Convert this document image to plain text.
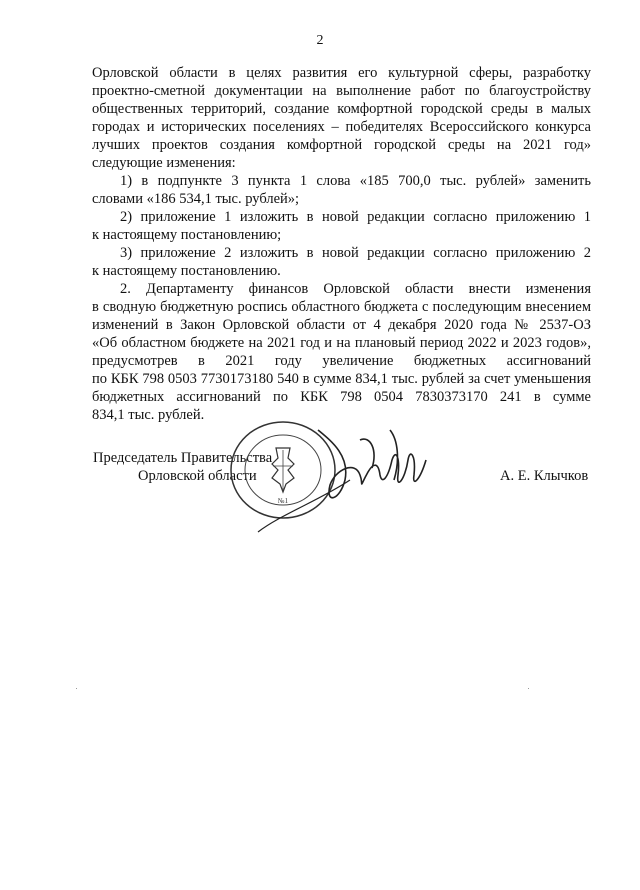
2
Орловской области в целях развития его культурной сферы, разработку
проектно-сметной документации на выполнение работ по благоустройству
общественных территорий, создание комфортной городской среды в малых
городах и исторических поселениях – победителях Всероссийского конкурса
лучших проектов создания комфортной городской среды на 2021 год»
следующие изменения:
1) в подпункте 3 пункта 1 слова «185 700,0 тыс. рублей» заменить
словами «186 534,1 тыс. рублей»;
2) приложение 1 изложить в новой редакции согласно приложению 1
к настоящему постановлению;
3) приложение 2 изложить в новой редакции согласно приложению 2
к настоящему постановлению.
2. Департаменту финансов Орловской области внести изменения
в сводную бюджетную роспись областного бюджета с последующим внесением
изменений в Закон Орловской области от 4 декабря 2020 года № 2537-ОЗ
«Об областном бюджете на 2021 год и на плановый период 2022 и 2023 годов»,
предусмотрев в 2021 году увеличение бюджетных ассигнований
по КБК 798 0503 7730173180 540 в сумме 834,1 тыс. рублей за счет уменьшения
бюджетных ассигнований по КБК 798 0504 7830373170 241 в сумме
834,1 тыс. рублей.
Председатель Правительства
Орловской области	А. Е. Клычков
№1
